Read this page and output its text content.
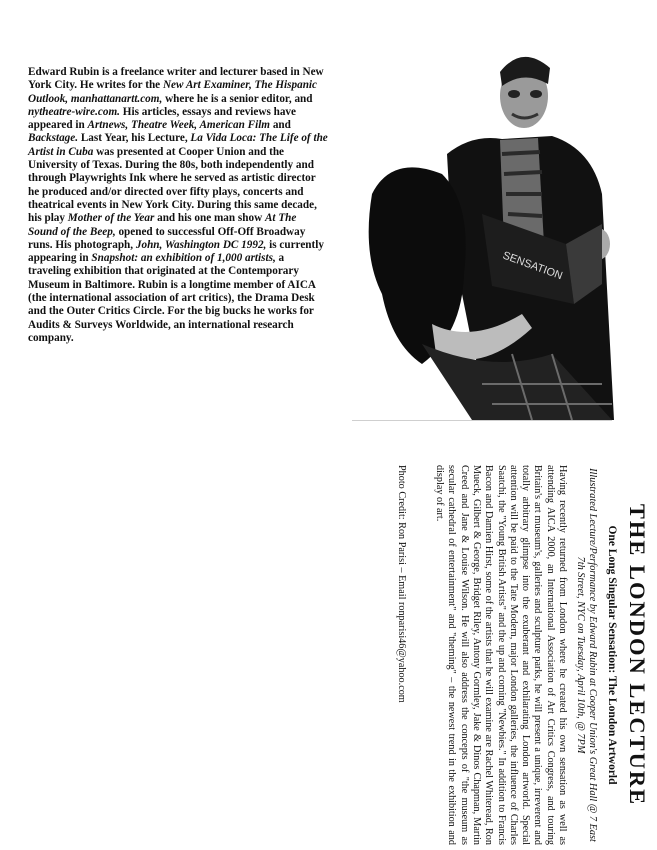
Edward Rubin is a freelance writer and lecturer based in New York City. He writes for the New Art Examiner, The Hispanic Outlook, manhattanartt.com, where he is a senior editor, and nytheatre-wire.com. His articles, essays and reviews have appeared in Artnews, Theatre Week, American Film and Backstage. Last Year, his Lecture, La Vida Loca: The Life of the Artist in Cuba was presented at Cooper Union and the University of Texas. During the 80s, both independently and through Playwrights Ink where he served as artistic director he produced and/or directed over fifty plays, concerts and theatrical events in New York City. During this same decade, his play Mother of the Year and his one man show At The Sound of the Beep, opened to successful Off-Off Broadway runs. His photograph, John, Washington DC 1992, is currently appearing in Snapshot: an exhibition of 1,000 artists, a traveling exhibition that originated at the Contemporary Museum in Baltimore. Rubin is a longtime member of AICA (the international association of art critics), the Drama Desk and the Outer Critics Circle. For the big bucks he works for Audits & Surveys Worldwide, an international research company.
SENSATION
THE LONDON LECTURE
One Long Singular Sensation: The London Artworld
Illustrated Lecture/Performance by Edward Rubin at Cooper Union's Great Hall @ 7 East 7th Street, NYC on Tuesday, April 10th, @ 7PM

Having recently returned from London where he created his own sensation as well as attending AICA 2000, an International Association of Art Critics Congress, and touring Britain's art museum's, galleries and sculpture parks, he will present a unique, irreverent and totally arbitrary glimpse into the exuberant and exhilarating London artworld. Special attention will be paid to the Tate Modern, major London galleries, the influence of Charles Saatchi, the "Young British Artists" and the up and coming "Newbies." In addition to Francis Bacon and Damien Hirst, some of the artists that he will examine are Rachel Whiteread, Ron Mueck, Gilbert & George, Bridget Riley, Antony Gormley, Jake & Dinos Chapman, Martin Creed and Jane & Louise Wilson. He will also address the concepts of "the museum as secular cathedral of entertainment" and "theming" – the newest trend in the exhibition and display of art.

Photo Credit: Ron Parisi – Email ronparisi46@yahoo.com
